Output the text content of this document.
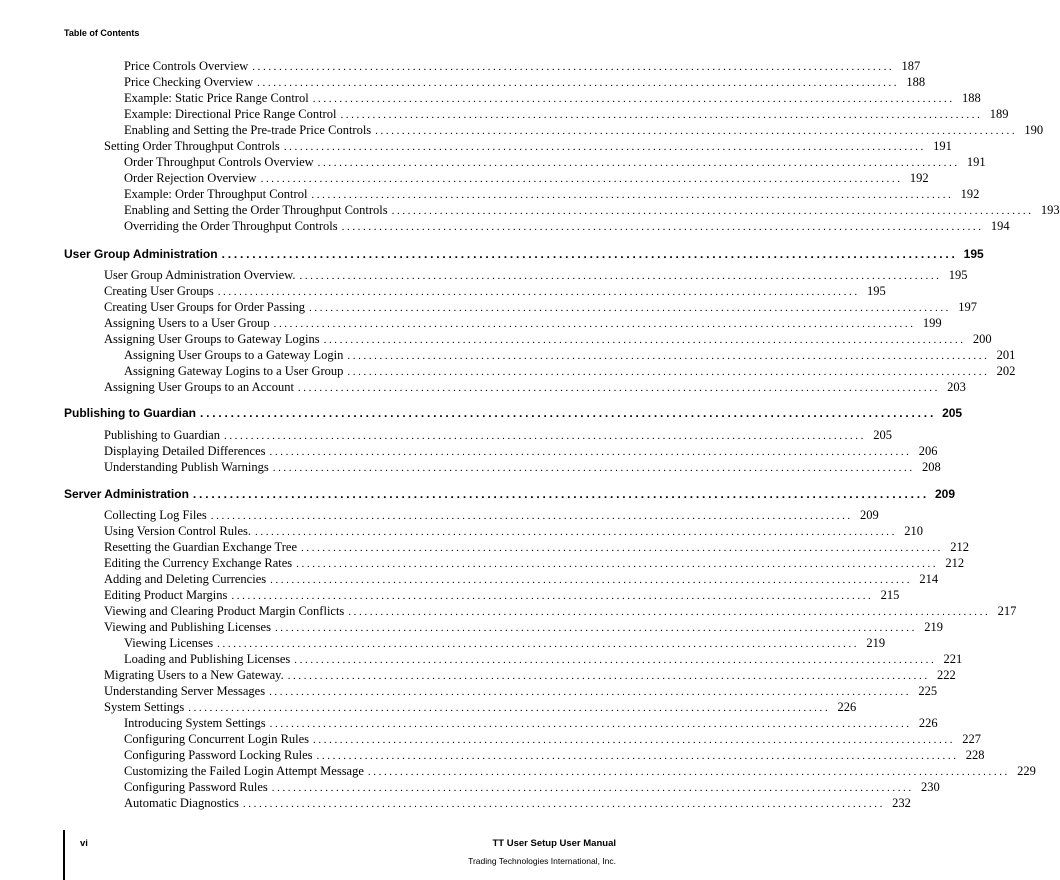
Table of Contents
Price Controls Overview ........................................................................................................................ 187
Price Checking Overview ........................................................................................................................ 188
Example: Static Price Range Control ........................................................................................................................ 188
Example: Directional Price Range Control ........................................................................................................................ 189
Enabling and Setting the Pre-trade Price Controls ........................................................................................................................ 190
Setting Order Throughput Controls ........................................................................................................................ 191
Order Throughput Controls Overview ........................................................................................................................ 191
Order Rejection Overview ........................................................................................................................ 192
Example: Order Throughput Control ........................................................................................................................ 192
Enabling and Setting the Order Throughput Controls ........................................................................................................................ 193
Overriding the Order Throughput Controls ........................................................................................................................ 194
User Group Administration ........................................................................................................................ 195
User Group Administration Overview. ........................................................................................................................ 195
Creating User Groups ........................................................................................................................ 195
Creating User Groups for Order Passing ........................................................................................................................ 197
Assigning Users to a User Group ........................................................................................................................ 199
Assigning User Groups to Gateway Logins ........................................................................................................................ 200
Assigning User Groups to a Gateway Login ........................................................................................................................ 201
Assigning Gateway Logins to a User Group ........................................................................................................................ 202
Assigning User Groups to an Account ........................................................................................................................ 203
Publishing to Guardian ........................................................................................................................ 205
Publishing to Guardian ........................................................................................................................ 205
Displaying Detailed Differences ........................................................................................................................ 206
Understanding Publish Warnings ........................................................................................................................ 208
Server Administration ........................................................................................................................ 209
Collecting Log Files ........................................................................................................................ 209
Using Version Control Rules. ........................................................................................................................ 210
Resetting the Guardian Exchange Tree ........................................................................................................................ 212
Editing the Currency Exchange Rates ........................................................................................................................ 212
Adding and Deleting Currencies ........................................................................................................................ 214
Editing Product Margins ........................................................................................................................ 215
Viewing and Clearing Product Margin Conflicts ........................................................................................................................ 217
Viewing and Publishing Licenses ........................................................................................................................ 219
Viewing Licenses ........................................................................................................................ 219
Loading and Publishing Licenses ........................................................................................................................ 221
Migrating Users to a New Gateway. ........................................................................................................................ 222
Understanding Server Messages ........................................................................................................................ 225
System Settings ........................................................................................................................ 226
Introducing System Settings ........................................................................................................................ 226
Configuring Concurrent Login Rules ........................................................................................................................ 227
Configuring Password Locking Rules ........................................................................................................................ 228
Customizing the Failed Login Attempt Message ........................................................................................................................ 229
Configuring Password Rules ........................................................................................................................ 230
Automatic Diagnostics ........................................................................................................................ 232
vi	TT User Setup User Manual
Trading Technologies International, Inc.
